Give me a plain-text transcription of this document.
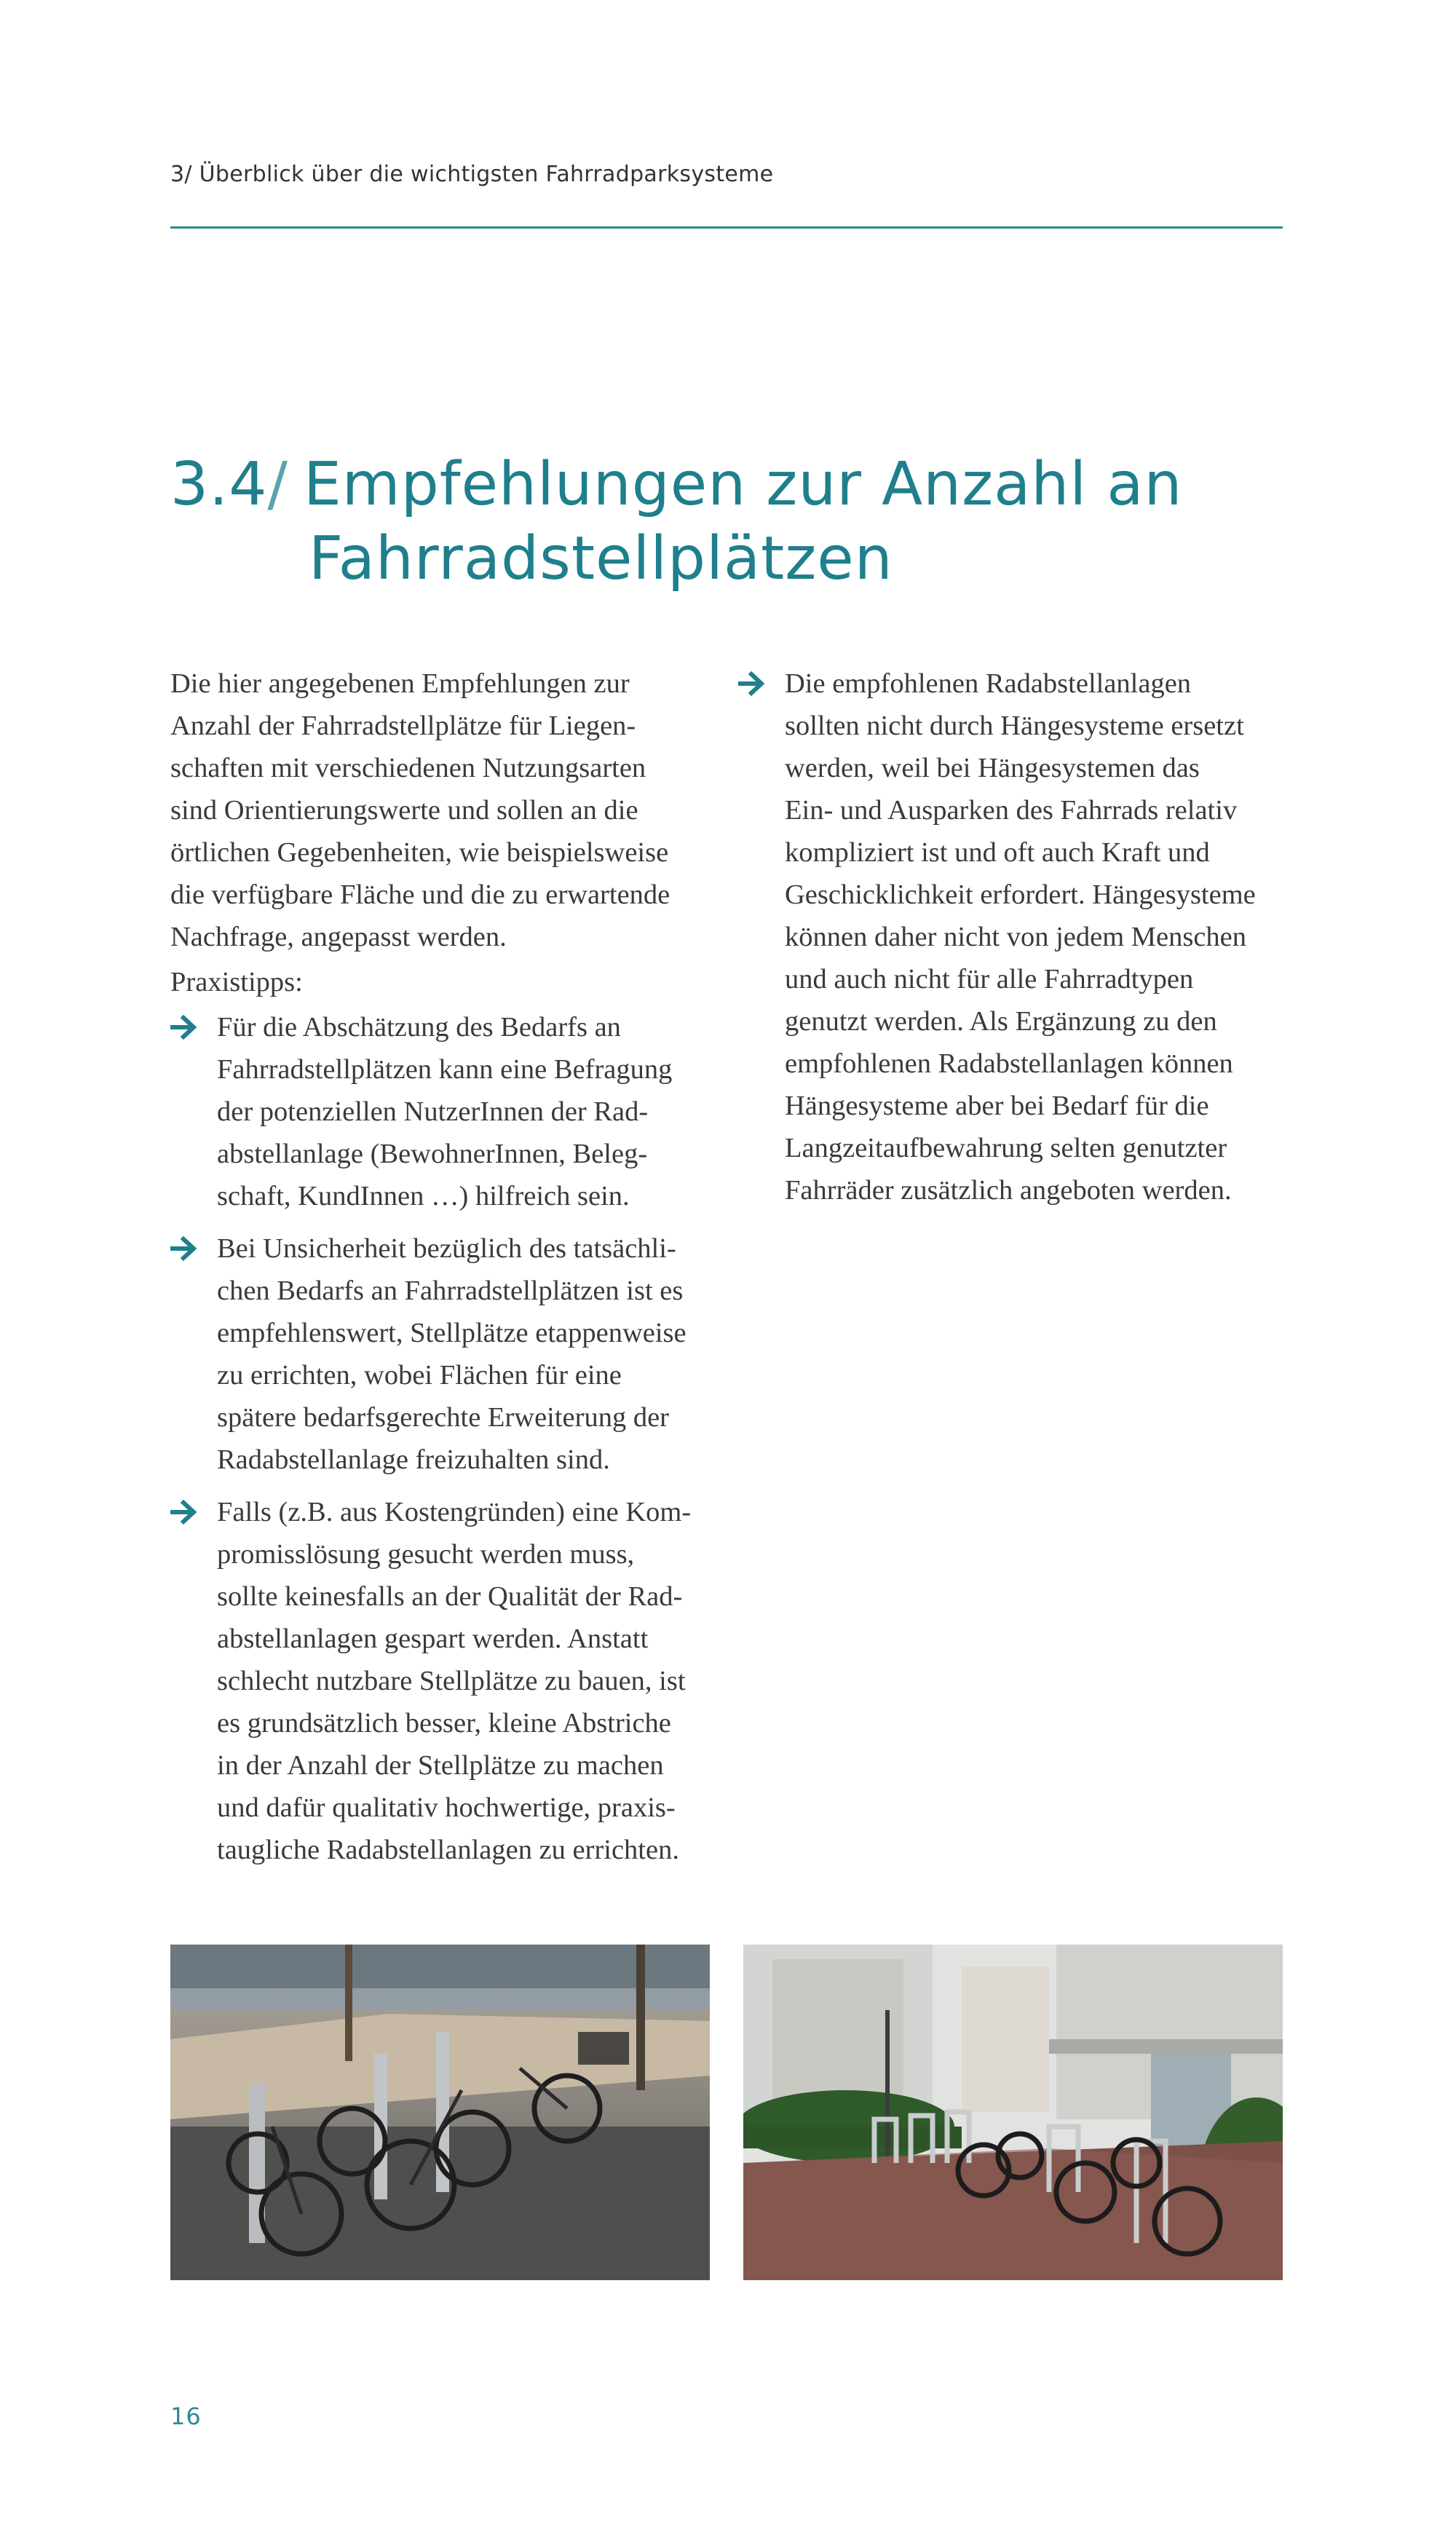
3/ Überblick über die wichtigsten Fahrradparksysteme
3.4/ Empfehlungen zur Anzahl an
Fahrradstellplätzen

Die hier angegebenen Empfehlungen zur
Anzahl der Fahrradstellplätze für Liegen-
schaften mit verschiedenen Nutzungsarten
sind Orientierungswerte und sollen an die
örtlichen Gegebenheiten, wie beispielsweise
die verfügbare Fläche und die zu erwartende
Nachfrage, angepasst werden.

Praxistipps:

Für die Abschätzung des Bedarfs an
Fahrradstellplätzen kann eine Befragung
der potenziellen NutzerInnen der Rad-
abstellanlage (BewohnerInnen, Beleg-
schaft, KundInnen …) hilfreich sein.
Bei Unsicherheit bezüglich des tatsächli-
chen Bedarfs an Fahrradstellplätzen ist es
empfehlenswert, Stellplätze etappenweise
zu errichten, wobei Flächen für eine
spätere bedarfsgerechte Erweiterung der
Radabstellanlage freizuhalten sind.
Falls (z.B. aus Kostengründen) eine Kom-
promisslösung gesucht werden muss,
sollte keinesfalls an der Qualität der Rad-
abstellanlagen gespart werden. Anstatt
schlecht nutzbare Stellplätze zu bauen, ist
es grundsätzlich besser, kleine Abstriche
in der Anzahl der Stellplätze zu machen
und dafür qualitativ hochwertige, praxis-
taugliche Radabstellanlagen zu errichten.
Die empfohlenen Radabstellanlagen
sollten nicht durch Hängesysteme ersetzt
werden, weil bei Hängesystemen das
Ein- und Ausparken des Fahrrads relativ
kompliziert ist und oft auch Kraft und
Geschicklichkeit erfordert. Hängesysteme
können daher nicht von jedem Menschen
und auch nicht für alle Fahrradtypen
genutzt werden. Als Ergänzung zu den
empfohlenen Radabstellanlagen können
Hängesysteme aber bei Bedarf für die
Langzeitaufbewahrung selten genutzter
Fahrräder zusätzlich angeboten werden.
16
